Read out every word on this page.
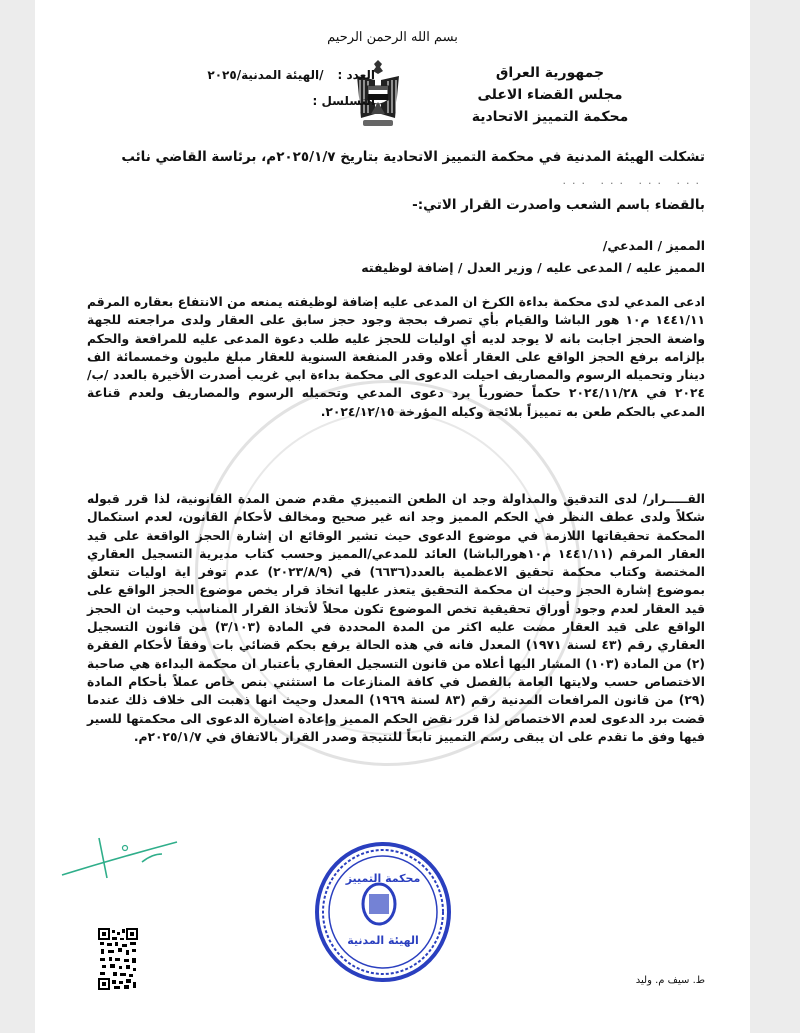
بسم الله الرحمن الرحيم
جمهورية العراق
مجلس القضاء الاعلى
محكمة التمييز الاتحادية
العدد :
/الهيئة المدنية/٢٠٢٥
التسلسل :
تشكلت الهيئة المدنية في محكمة التمييز الاتحادية بتاريخ ٢٠٢٥/١/٧م، برئاسة القاضي نائب
... ... ... ...
بالقضاء باسم الشعب واصدرت القرار الاتي:-
المميز / المدعي/
المميز عليه / المدعى عليه / وزير العدل / إضافة لوظيفته
ادعى المدعي لدى محكمة بداءة الكرخ ان المدعى عليه إضافة لوظيفته يمنعه من الانتفاع بعقاره المرقم ١٤٤١/١١ م١٠ هور الباشا والقيام بأي تصرف بحجة وجود حجز سابق على العقار ولدى مراجعته للجهة واضعة الحجز اجابت بانه لا يوجد لديه أي اوليات للحجز عليه طلب دعوة المدعى عليه للمرافعة والحكم بإلزامه برفع الحجز الواقع على العقار أعلاه وقدر المنفعة السنوية للعقار مبلغ مليون وخمسمائة الف دينار وتحميله الرسوم والمصاريف احيلت الدعوى الى محكمة بداءة ابي غريب أصدرت الأخيرة بالعدد /ب/٢٠٢٤ في ٢٠٢٤/١١/٢٨ حكماً حضورياً برد دعوى المدعي وتحميله الرسوم والمصاريف ولعدم قناعة المدعي بالحكم طعن به تمييزاً بلائحة وكيله المؤرخة ٢٠٢٤/١٢/١٥.
القـــــرار/ لدى التدقيق والمداولة وجد ان الطعن التمييزي مقدم ضمن المدة القانونية، لذا قرر قبوله شكلاً ولدى عطف النظر في الحكم المميز وجد انه غير صحيح ومخالف لأحكام القانون، لعدم استكمال المحكمة تحقيقاتها اللازمة في موضوع الدعوى حيث تشير الوقائع ان إشارة الحجز الواقعة على قيد العقار المرقم (١٤٤١/١١ م١٠هورالباشا) العائد للمدعي/المميز وحسب كتاب مديرية التسجيل العقاري المختصة وكتاب محكمة تحقيق الاعظمية بالعدد(٦٦٣٦) في (٢٠٢٣/٨/٩) عدم توفر اية اوليات تتعلق بموضوع إشارة الحجز وحيث ان محكمة التحقيق يتعذر عليها اتخاذ قرار يخص موضوع الحجز الواقع على قيد العقار لعدم وجود أوراق تحقيقية تخص الموضوع تكون محلاً لأتخاذ القرار المناسب وحيث ان الحجز الواقع على قيد العقار مضت عليه اكثر من المدة المحددة في المادة (٣/١٠٣) من قانون التسجيل العقاري رقم (٤٣ لسنة ١٩٧١) المعدل فانه في هذه الحالة يرفع بحكم قضائي بات وفقاً لأحكام الفقرة (٢) من المادة (١٠٣) المشار اليها أعلاه من قانون التسجيل العقاري بأعتبار ان محكمة البداءة هي صاحبة الاختصاص حسب ولايتها العامة بالفصل في كافة المنازعات ما استثني بنص خاص عملاً بأحكام المادة (٢٩) من قانون المرافعات المدنية رقم (٨٣ لسنة ١٩٦٩) المعدل وحيث انها ذهبت الى خلاف ذلك عندما قضت برد الدعوى لعدم الاختصاص لذا قرر نقض الحكم المميز وإعادة اضبارة الدعوى الى محكمتها للسير فيها وفق ما تقدم على ان يبقى رسم التمييز تابعاً للنتيجة وصدر القرار بالاتفاق في ٢٠٢٥/١/٧م.
محكمة التمييز
الهيئة المدنية
ط. سيف م. وليد
